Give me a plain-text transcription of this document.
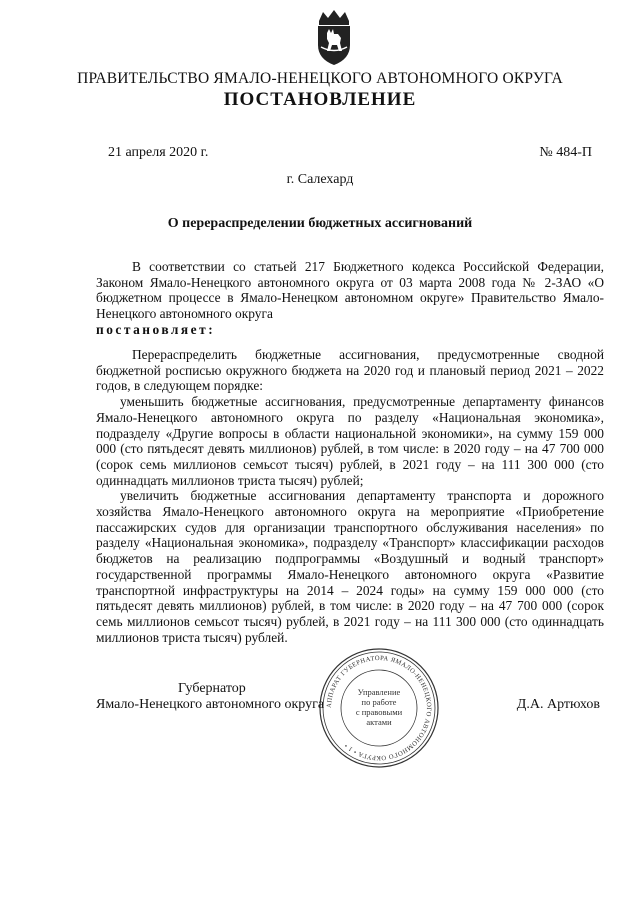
ПРАВИТЕЛЬСТВО ЯМАЛО-НЕНЕЦКОГО АВТОНОМНОГО ОКРУГА
ПОСТАНОВЛЕНИЕ
21 апреля 2020 г.	№ 484-П
г. Салехард
О перераспределении бюджетных ассигнований

В соответствии со статьей 217 Бюджетного кодекса Российской Федерации, Законом Ямало-Ненецкого автономного округа от 03 марта 2008 года № 2-ЗАО «О бюджетном процессе в Ямало-Ненецком автономном округе» Правительство Ямало-Ненецкого автономного округа

постановляет:

Перераспределить бюджетные ассигнования, предусмотренные сводной бюджетной росписью окружного бюджета на 2020 год и плановый период 2021 – 2022 годов, в следующем порядке:

уменьшить бюджетные ассигнования, предусмотренные департаменту финансов Ямало-Ненецкого автономного округа по разделу «Национальная экономика», подразделу «Другие вопросы в области национальной экономики», на сумму 159 000 000 (сто пятьдесят девять миллионов) рублей, в том числе: в 2020 году – на 47 700 000 (сорок семь миллионов семьсот тысяч) рублей, в 2021 году – на 111 300 000 (сто одиннадцать миллионов триста тысяч) рублей;

увеличить бюджетные ассигнования департаменту транспорта и дорожного хозяйства Ямало-Ненецкого автономного округа на мероприятие «Приобретение пассажирских судов для организации транспортного обслуживания населения» по разделу «Национальная экономика», подразделу «Транспорт» классификации расходов бюджетов на реализацию подпрограммы «Воздушный и водный транспорт» государственной программы Ямало-Ненецкого автономного округа «Развитие транспортной инфраструктуры на 2014 – 2024 годы» на сумму 159 000 000 (сто пятьдесят девять миллионов) рублей, в том числе: в 2020 году – на 47 700 000 (сорок семь миллионов семьсот тысяч) рублей, в 2021 году – на 111 300 000 (сто одиннадцать миллионов триста тысяч) рублей.

Губернатор
Ямало-Ненецкого автономного округа	Д.А. Артюхов
АППАРАТ ГУБЕРНАТОРА ЯМАЛО-НЕНЕЦКОГО АВТОНОМНОГО ОКРУГА • 1 •
Управление
по работе
с правовыми
актами
